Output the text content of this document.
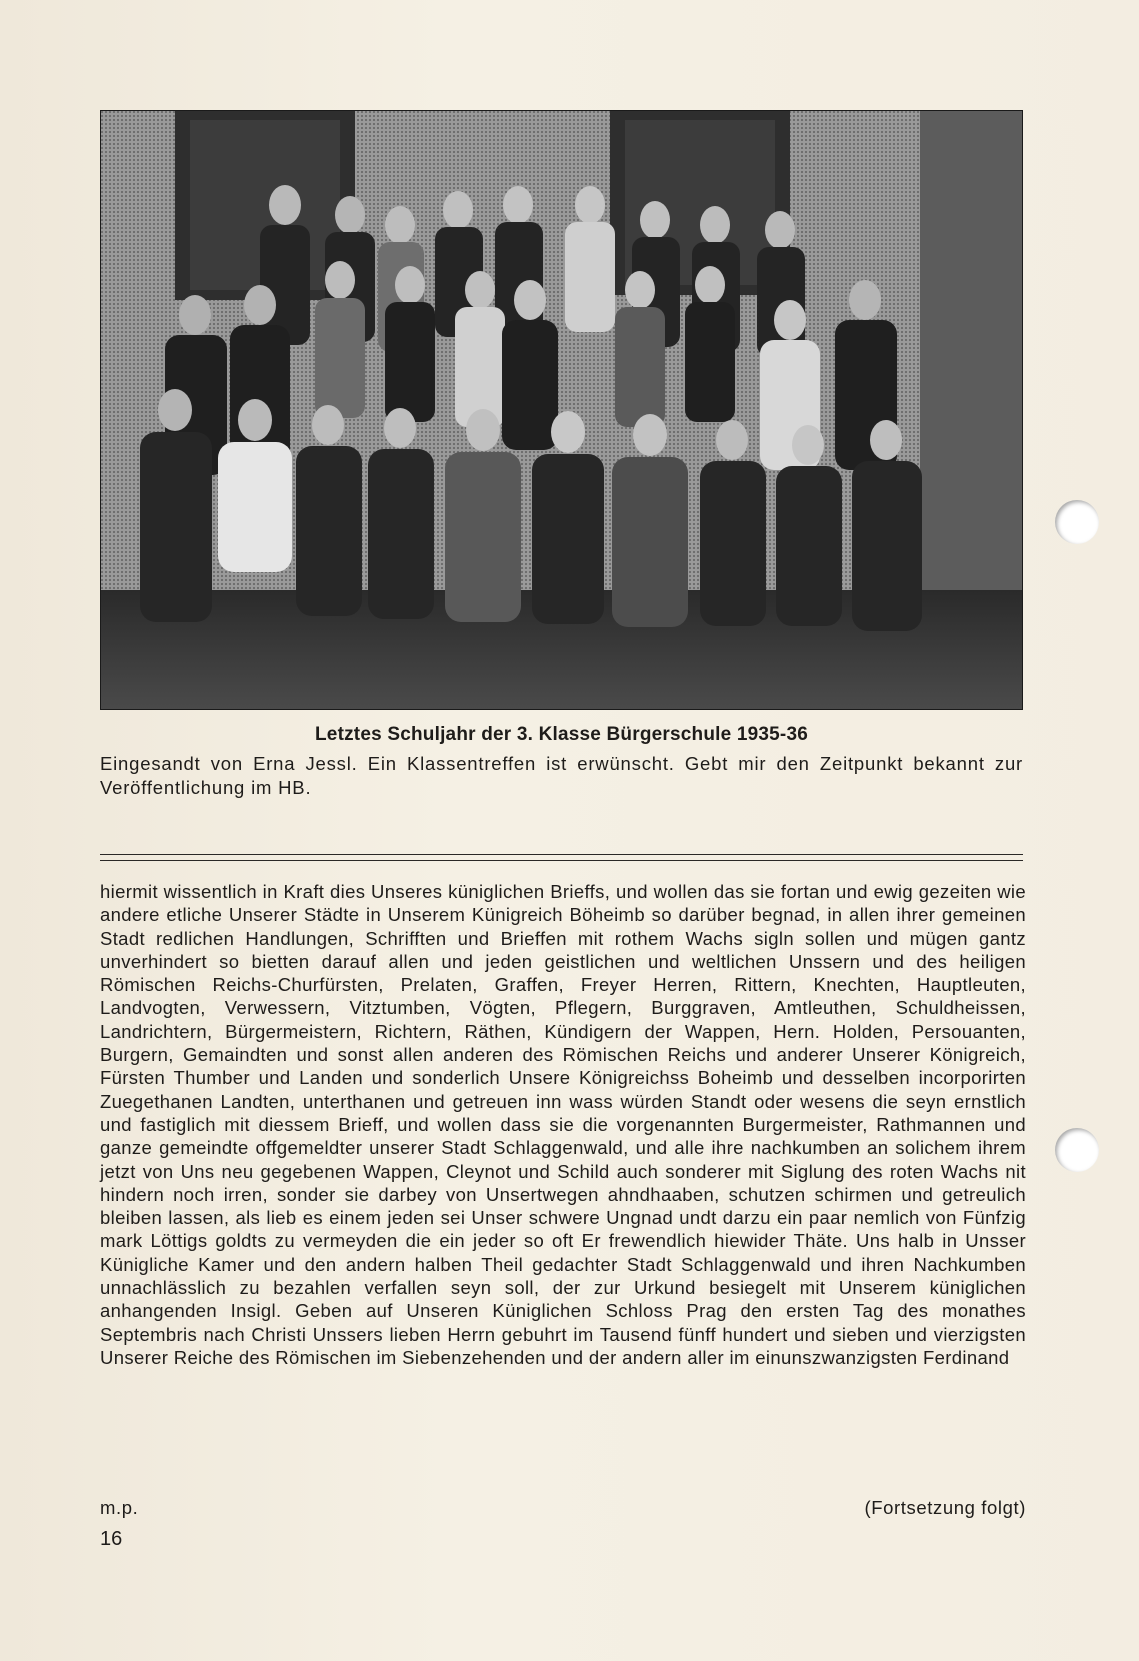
Letztes Schuljahr der 3. Klasse Bürgerschule 1935-36
Eingesandt von Erna Jessl. Ein Klassentreffen ist erwünscht. Gebt mir den Zeitpunkt bekannt zur Veröffentlichung im HB.

hiermit wissentlich in Kraft dies Unseres küniglichen Brieffs, und wollen das sie fortan und ewig gezeiten wie andere etliche Unserer Städte in Unserem Künigreich Böheimb so darüber begnad, in allen ihrer gemeinen Stadt redlichen Handlungen, Schrifften und Brieffen mit rothem Wachs sigln sollen und mügen gantz unverhindert so bietten darauf allen und jeden geistlichen und weltlichen Unssern und des heiligen Römischen Reichs-Churfürsten, Prelaten, Graffen, Freyer Herren, Rittern, Knechten, Hauptleuten, Landvogten, Verwessern, Vitztumben, Vögten, Pflegern, Burggraven, Amtleuthen, Schuldheissen, Landrichtern, Bürgermeistern, Richtern, Räthen, Kündigern der Wappen, Hern. Holden, Persouanten, Burgern, Gemaindten und sonst allen anderen des Römischen Reichs und anderer Unserer Königreich, Fürsten Thumber und Landen und sonderlich Unsere Königreichss Boheimb und desselben incorporirten Zuegethanen Landten, unterthanen und getreuen inn wass würden Standt oder wesens die seyn ernstlich und fastiglich mit diessem Brieff, und wollen dass sie die vorgenannten Burgermeister, Rathmannen und ganze gemeindte offgemeldter unserer Stadt Schlaggenwald, und alle ihre nachkumben an solichem ihrem jetzt von Uns neu gegebenen Wappen, Cleynot und Schild auch sonderer mit Siglung des roten Wachs nit hindern noch irren, sonder sie darbey von Unsertwegen ahndhaaben, schutzen schirmen und getreulich bleiben lassen, als lieb es einem jeden sei Unser schwere Ungnad undt darzu ein paar nemlich von Fünfzig mark Löttigs goldts zu vermeyden die ein jeder so oft Er frewendlich hiewider Thäte. Uns halb in Unsser Künigliche Kamer und den andern halben Theil gedachter Stadt Schlaggenwald und ihren Nachkumben unnachlässlich zu bezahlen verfallen seyn soll, der zur Urkund besiegelt mit Unserem küniglichen anhangenden Insigl. Geben auf Unseren Küniglichen Schloss Prag den ersten Tag des monathes Septembris nach Christi Unssers lieben Herrn gebuhrt im Tausend fünff hundert und sieben und vierzigsten Unserer Reiche des Römischen im Siebenzehenden und der andern aller im einunszwanzigsten Ferdinand

m.p.	(Fortsetzung folgt)
16
